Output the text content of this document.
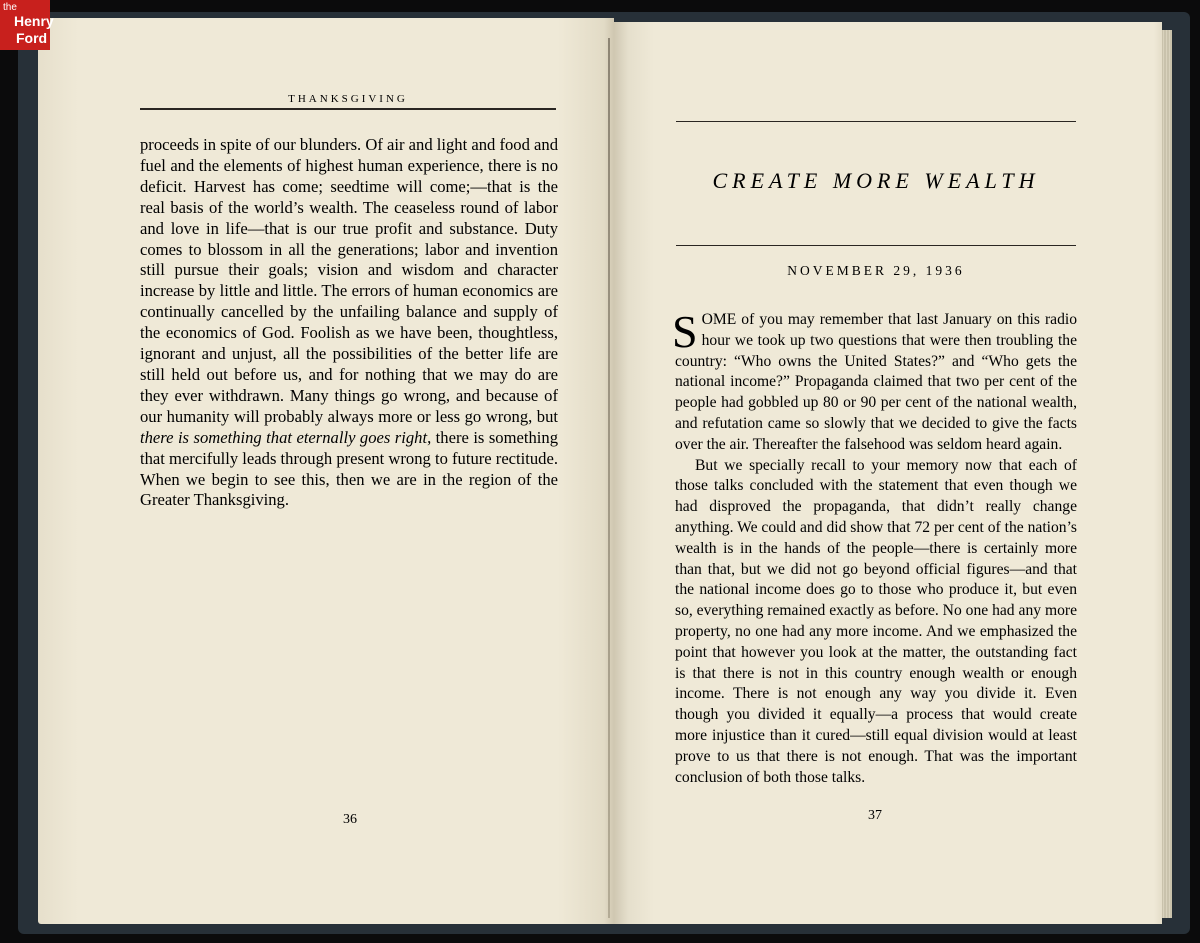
the
Henry
Ford
THANKSGIVING

proceeds in spite of our blunders. Of air and light and food and fuel and the elements of highest human experience, there is no deficit. Harvest has come; seedtime will come;—that is the real basis of the world’s wealth. The ceaseless round of labor and love in life—that is our true profit and substance. Duty comes to blossom in all the generations; labor and invention still pursue their goals; vision and wisdom and character increase by little and little. The errors of human economics are continually cancelled by the unfailing balance and supply of the economics of God. Foolish as we have been, thoughtless, ignorant and unjust, all the possibilities of the better life are still held out before us, and for nothing that we may do are they ever withdrawn. Many things go wrong, and because of our humanity will probably always more or less go wrong, but there is something that eternally goes right, there is something that mercifully leads through present wrong to future rectitude. When we begin to see this, then we are in the region of the Greater Thanksgiving.

36
CREATE MORE WEALTH
NOVEMBER 29, 1936

SOME of you may remember that last January on this radio hour we took up two questions that were then troubling the country: “Who owns the United States?” and “Who gets the national income?” Propaganda claimed that two per cent of the people had gobbled up 80 or 90 per cent of the national wealth, and refutation came so slowly that we decided to give the facts over the air. Thereafter the falsehood was seldom heard again.

But we specially recall to your memory now that each of those talks concluded with the statement that even though we had disproved the propaganda, that didn’t really change anything. We could and did show that 72 per cent of the nation’s wealth is in the hands of the people—there is certainly more than that, but we did not go beyond official figures—and that the national income does go to those who produce it, but even so, everything remained exactly as before. No one had any more property, no one had any more income. And we emphasized the point that however you look at the matter, the outstanding fact is that there is not in this country enough wealth or enough income. There is not enough any way you divide it. Even though you divided it equally—a process that would create more injustice than it cured—still equal division would at least prove to us that there is not enough. That was the important conclusion of both those talks.

37
